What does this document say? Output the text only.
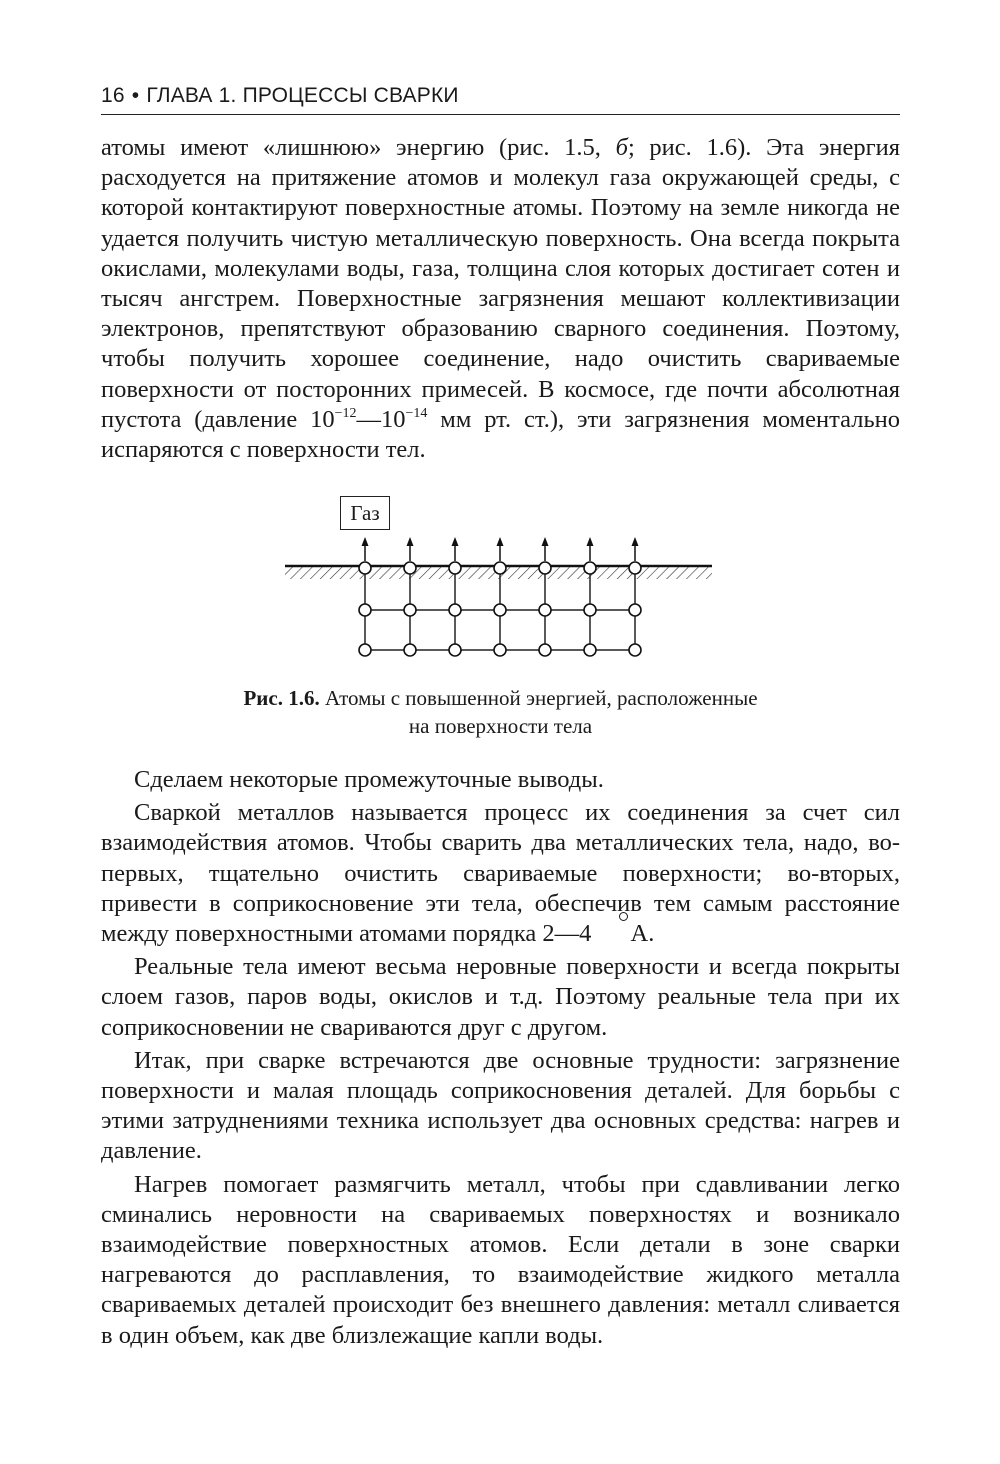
16 • ГЛАВА 1. ПРОЦЕССЫ СВАРКИ

атомы имеют «лишнюю» энергию (рис. 1.5, б; рис. 1.6). Эта энергия расходуется на притяжение атомов и молекул газа окружающей среды, с которой контактируют поверхностные атомы. Поэтому на земле никогда не удается получить чистую металлическую поверхность. Она всегда покрыта окислами, молекулами воды, газа, толщина слоя которых достигает сотен и тысяч ангстрем. Поверхностные загрязнения мешают коллективизации электронов, препятствуют образованию сварного соединения. Поэтому, чтобы получить хорошее соединение, надо очистить свариваемые поверхности от посторонних примесей. В космосе, где почти абсолютная пустота (давление $10^{-12}—10^{-14}$ мм рт. ст.), эти загрязнения моментально испаряются с поверхности тел.

Газ
Рис. 1.6. Атомы с повышенной энергией, расположенные
на поверхности тела

Сделаем некоторые промежуточные выводы.

Сваркой металлов называется процесс их соединения за счет сил взаимодействия атомов. Чтобы сварить два металлических тела, надо, во-первых, тщательно очистить свариваемые поверхности; во-вторых, привести в соприкосновение эти тела, обеспечив тем самым расстояние между поверхностными атомами порядка 2—4 A.

Реальные тела имеют весьма неровные поверхности и всегда покрыты слоем газов, паров воды, окислов и т.д. Поэтому реальные тела при их соприкосновении не свариваются друг с другом.

Итак, при сварке встречаются две основные трудности: загрязнение поверхности и малая площадь соприкосновения деталей. Для борьбы с этими затруднениями техника использует два основных средства: нагрев и давление.

Нагрев помогает размягчить металл, чтобы при сдавливании легко сминались неровности на свариваемых поверхностях и возникало взаимодействие поверхностных атомов. Если детали в зоне сварки нагреваются до расплавления, то взаимодействие жидкого металла свариваемых деталей происходит без внешнего давления: металл сливается в один объем, как две близлежащие капли воды.
